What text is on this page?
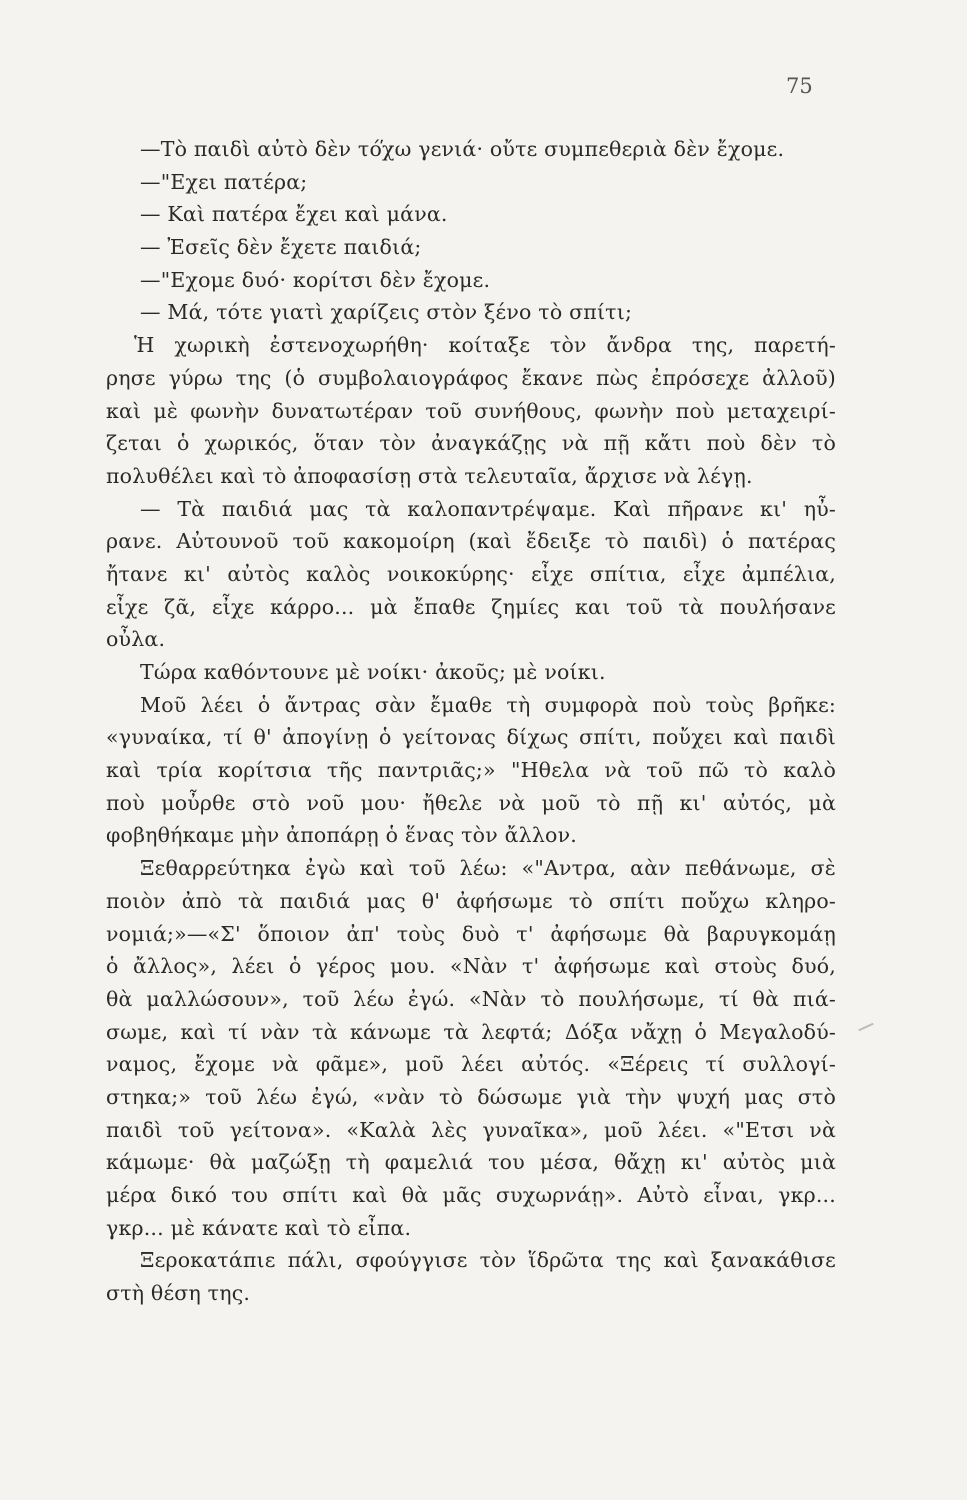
75
—Τὸ παιδὶ αὐτὸ δὲν τό̕χω γενιά· οὔτε συμπεθεριὰ δὲν ἔχομε.
—"Εχει πατέρα;
— Καὶ πατέρα ἔχει καὶ μάνα.
— Ἐσεῖς δὲν ἔχετε παιδιά;
—"Εχομε δυό· κορίτσι δὲν ἔχομε.
— Μά, τότε γιατὶ χαρίζεις στὸν ξένο τὸ σπίτι;
Ἡ χωρικὴ ἐστενοχωρήθη· κοίταξε τὸν ἄνδρα της, παρετή-
ρησε γύρω της (ὁ συμβολαιογράφος ἔκανε πὼς ἐπρόσεχε ἀλλοῦ)
καὶ μὲ φωνὴν δυνατωτέραν τοῦ συνήθους, φωνὴν ποὺ μεταχειρί-
ζεται ὁ χωρικός, ὅταν τὸν ἀναγκάζῃς νὰ πῇ κἄτι ποὺ δὲν τὸ
πολυθέλει καὶ τὸ ἀποφασίσῃ στὰ τελευταῖα, ἄρχισε νὰ λέγῃ.
— Τὰ παιδιά μας τὰ καλοπαντρέψαμε. Καὶ πῆρανε κι' ηὖ-
ρανε. Αὐτουνοῦ τοῦ κακομοίρη (καὶ ἔδειξε τὸ παιδὶ) ὁ πατέρας
ἤτανε κι' αὐτὸς καλὸς νοικοκύρης· εἶχε σπίτια, εἶχε ἀμπέλια,
εἶχε ζᾶ, εἶχε κάρρο... μὰ ἔπαθε ζημίες και τοῦ τὰ πουλήσανε
οὖλα.
Τώρα καθόντουνε μὲ νοίκι· ἀκοῦς; μὲ νοίκι.
Μοῦ λέει ὁ ἄντρας σὰν ἔμαθε τὴ συμφορὰ ποὺ τοὺς βρῆκε:
«γυναίκα, τί θ' ἀπογίνῃ ὁ γείτονας δίχως σπίτι, ποὔχει καὶ παιδὶ
καὶ τρία κορίτσια τῆς παντριᾶς;» "Ηθελα νὰ τοῦ πῶ τὸ καλὸ
ποὺ μοὖρθε στὸ νοῦ μου· ἤθελε νὰ μοῦ τὸ πῇ κι' αὐτός, μὰ
φοβηθήκαμε μὴν ἀποπάρῃ ὁ ἕνας τὸν ἄλλον.
Ξεθαρρεύτηκα ἐγὼ καὶ τοῦ λέω: «"Αντρα, αὰν πεθάνωμε, σὲ
ποιὸν ἀπὸ τὰ παιδιά μας θ' ἀφήσωμε τὸ σπίτι ποὔχω κληρο-
νομιά;»—«Σ' ὅποιον ἀπ' τοὺς δυὸ τ' ἀφήσωμε θὰ βαρυγκομάῃ
ὁ ἄλλος», λέει ὁ γέρος μου. «Νὰν τ' ἀφήσωμε καὶ στοὺς δυό,
θὰ μαλλώσουν», τοῦ λέω ἐγώ. «Νὰν τὸ πουλήσωμε, τί θὰ πιά-
σωμε, καὶ τί νὰν τὰ κάνωμε τὰ λεφτά; Δόξα νἄχῃ ὁ Μεγαλοδύ-
ναμος, ἔχομε νὰ φᾶμε», μοῦ λέει αὐτός. «Ξέρεις τί συλλογί-
στηκα;» τοῦ λέω ἐγώ, «νὰν τὸ δώσωμε γιὰ τὴν ψυχή μας στὸ
παιδὶ τοῦ γείτονα». «Καλὰ λὲς γυναῖκα», μοῦ λέει. «"Ετσι νὰ
κάμωμε· θὰ μαζώξῃ τὴ φαμελιά του μέσα, θἄχῃ κι' αὐτὸς μιὰ
μέρα δικό του σπίτι καὶ θὰ μᾶς συχωρνάῃ». Αὐτὸ εἶναι, γκρ...
γκρ... μὲ κάνατε καὶ τὸ εἶπα.
Ξεροκατάπιε πάλι, σφούγγισε τὸν ἵδρῶτα της καὶ ξανακάθισε
στὴ θέση της.
